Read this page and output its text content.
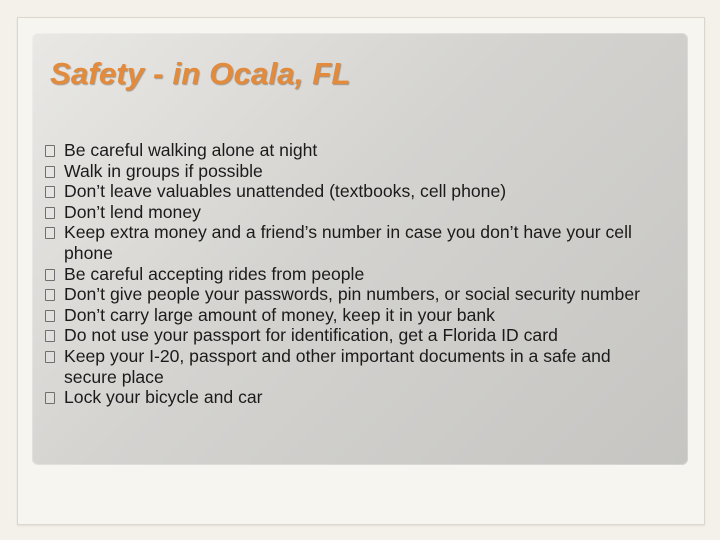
Safety - in Ocala, FL
Be careful walking alone at night
Walk in groups if possible
Don’t leave valuables unattended (textbooks, cell phone)
Don’t lend money
Keep extra money and a friend’s number in case you don’t have your cell phone
Be careful accepting rides from people
Don’t give people your passwords, pin numbers, or social security number
Don’t carry large amount of money, keep it in your bank
Do not use your passport for identification, get a Florida ID card
Keep your I-20, passport and other important documents in a safe and secure place
Lock your bicycle and car
